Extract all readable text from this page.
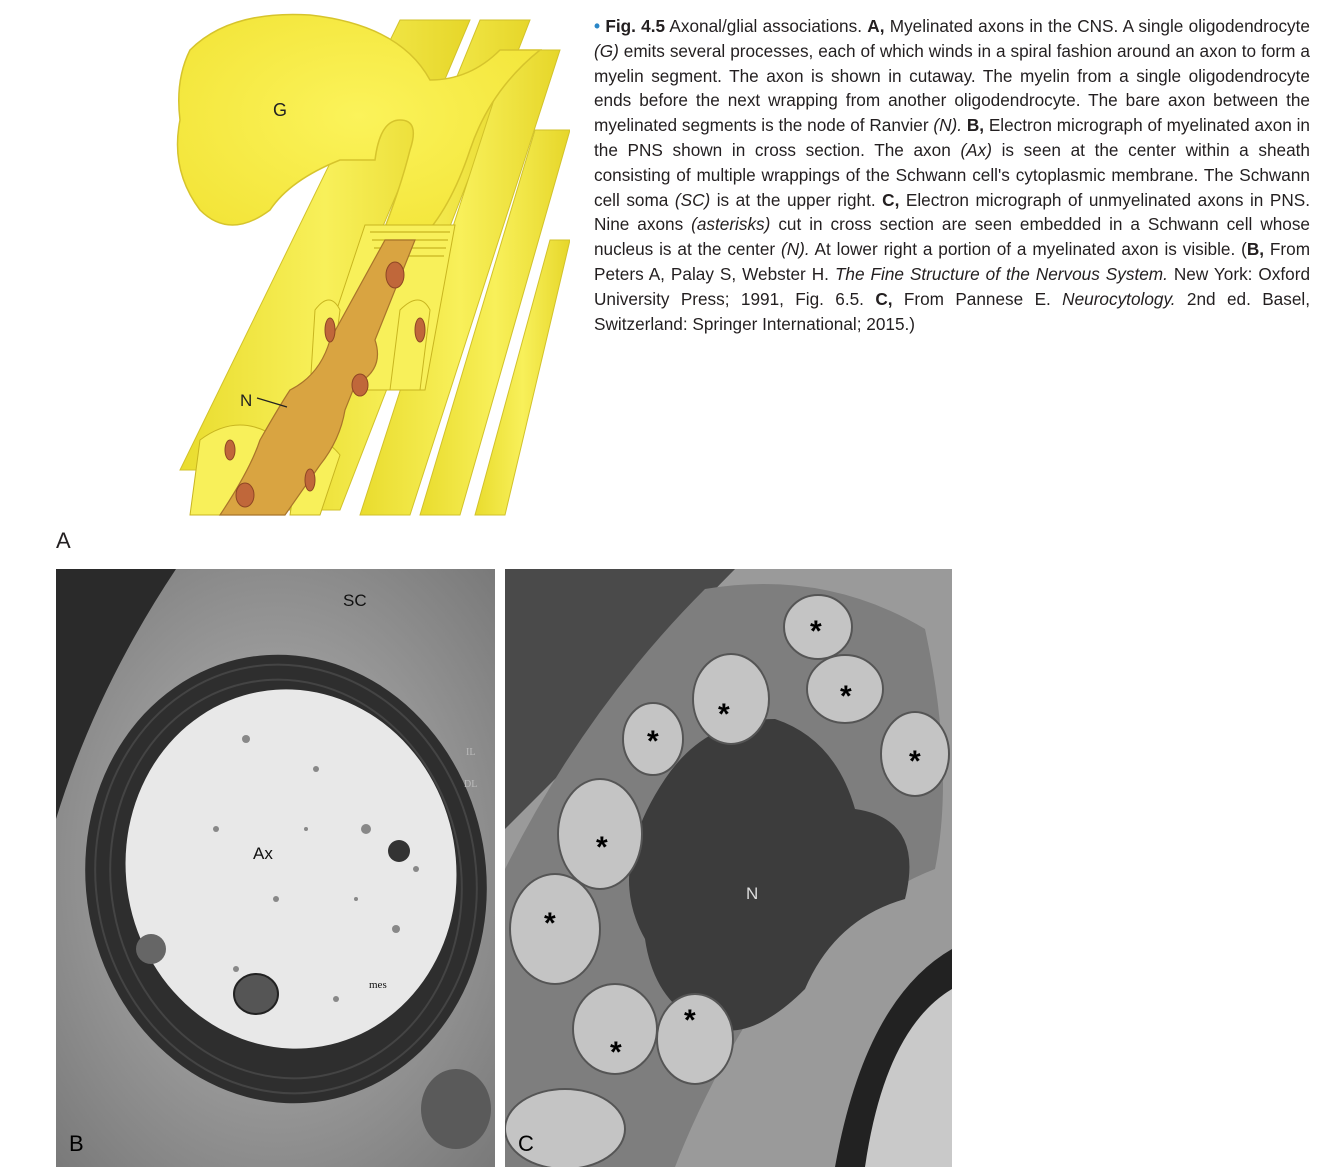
G
N
• Fig. 4.5 Axonal/glial associations. A, Myelinated axons in the CNS. A single oligodendrocyte (G) emits several processes, each of which winds in a spiral fashion around an axon to form a myelin segment. The axon is shown in cutaway. The myelin from a single oligodendrocyte ends before the next wrapping from another oligodendrocyte. The bare axon between the myelinated segments is the node of Ranvier (N). B, Electron micrograph of myelinated axon in the PNS shown in cross section. The axon (Ax) is seen at the center within a sheath consisting of multiple wrappings of the Schwann cell's cytoplasmic membrane. The Schwann cell soma (SC) is at the upper right. C, Electron micrograph of unmyelinated axons in PNS. Nine axons (asterisks) cut in cross section are seen embedded in a Schwann cell whose nucleus is at the center (N). At lower right a portion of a myelinated axon is visible. (B, From Peters A, Palay S, Webster H. The Fine Structure of the Nervous System. New York: Oxford University Press; 1991, Fig. 6.5. C, From Pannese E. Neurocytology. 2nd ed. Basel, Switzerland: Springer International; 2015.)
A
SC
Ax
mes
IL
DL
B
*
*
*
*
*
*
*
*
*
N
C
